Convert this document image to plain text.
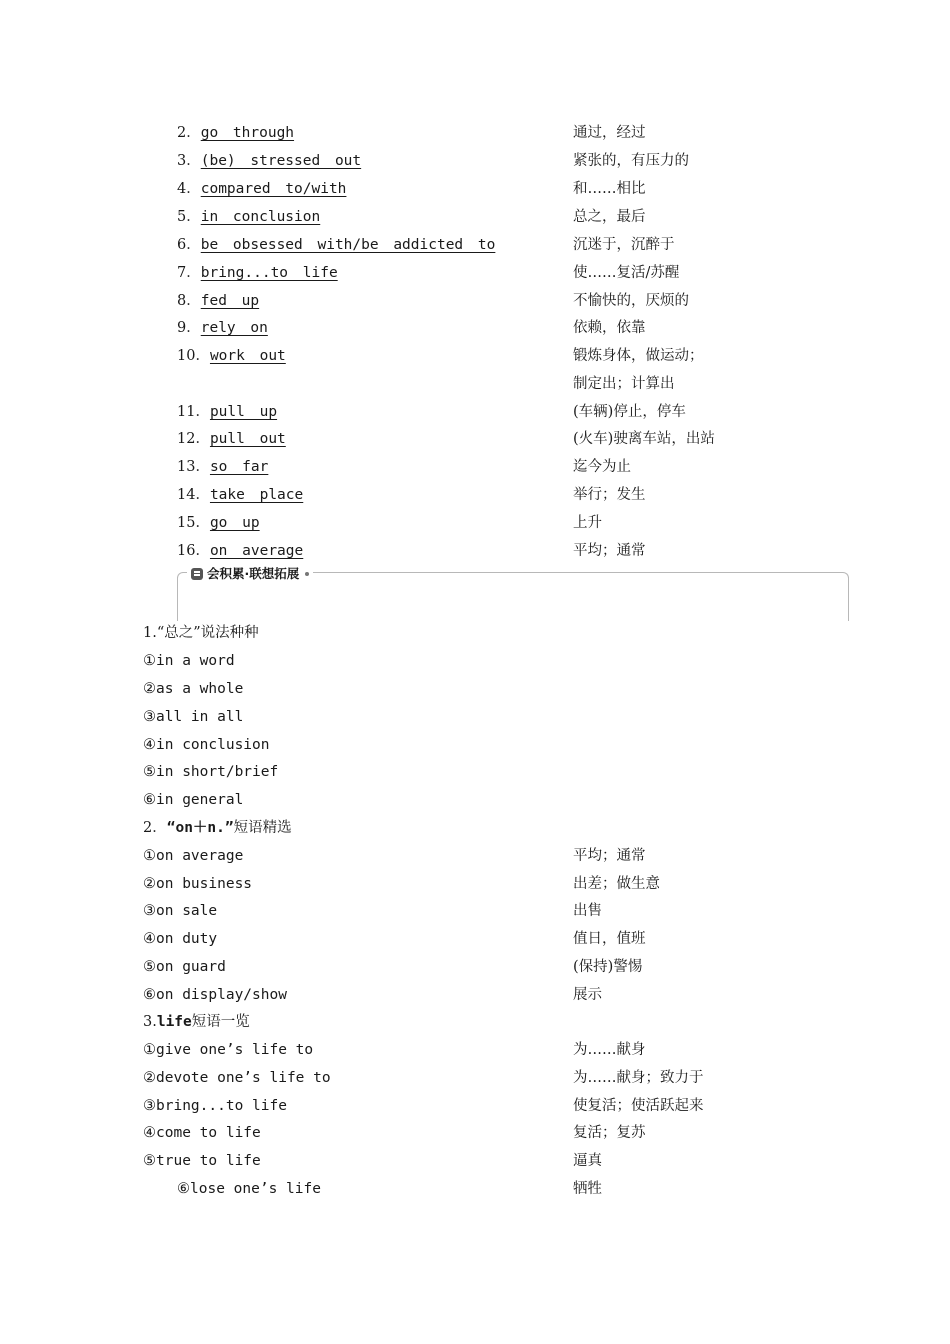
2．go through	通过，经过
3．(be) stressed out	紧张的，有压力的
4．compared to/with	和……相比
5．in conclusion	总之，最后
6．be obsessed with/be addicted to	沉迷于，沉醉于
7．bring...to life	使……复活/苏醒
8．fed up	不愉快的，厌烦的
9．rely on	依赖，依靠
10．work out	锻炼身体，做运动；
制定出；计算出
11．pull up	(车辆)停止，停车
12．pull out	(火车)驶离车站，出站
13．so far	迄今为止
14．take place	举行；发生
15．go up	上升
16．on average	平均；通常
会积累·联想拓展
1.“总之”说法种种
①in a word
②as a whole
③all in all
④in conclusion
⑤in short/brief
⑥in general
2．“on＋n.”短语精选
①on average	平均；通常
②on business	出差；做生意
③on sale	出售
④on duty	值日，值班
⑤on guard	(保持)警惕
⑥on display/show	展示
3.life短语一览
①give one’s life to	为……献身
②devote one’s life to	为……献身；致力于
③bring...to life	使复活；使活跃起来
④come to life	复活；复苏
⑤true to life	逼真
⑥lose one’s life	牺牲
